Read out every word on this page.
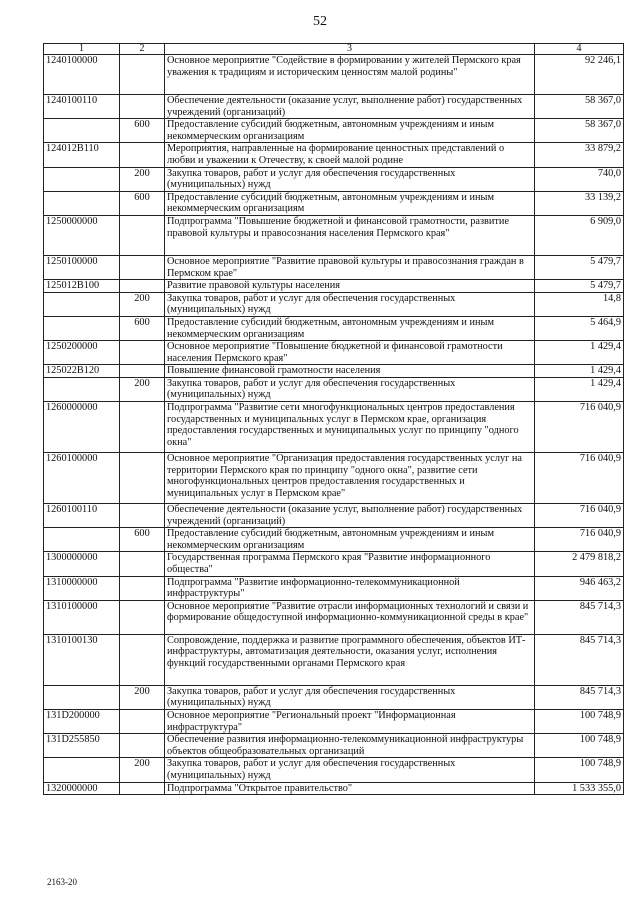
52
1	2	3	4
1240100000		Основное мероприятие "Содействие в формировании у жителей Пермского края уважения к традициям и историческим ценностям малой родины"	92 246,1
1240100110		Обеспечение деятельности (оказание услуг, выполнение работ) государственных учреждений (организаций)	58 367,0
	600	Предоставление субсидий бюджетным, автономным учреждениям и иным некоммерческим организациям	58 367,0
124012В110		Мероприятия, направленные на формирование ценностных представлений о любви и уважении к Отечеству, к своей малой родине	33 879,2
	200	Закупка товаров, работ и услуг для обеспечения государственных (муниципальных) нужд	740,0
	600	Предоставление субсидий бюджетным, автономным учреждениям и иным некоммерческим организациям	33 139,2
1250000000		Подпрограмма "Повышение бюджетной и финансовой грамотности, развитие правовой культуры и правосознания населения Пермского края"	6 909,0
1250100000		Основное мероприятие "Развитие правовой культуры и правосознания граждан в Пермском крае"	5 479,7
125012В100		Развитие правовой культуры населения	5 479,7
	200	Закупка товаров, работ и услуг для обеспечения государственных (муниципальных) нужд	14,8
	600	Предоставление субсидий бюджетным, автономным учреждениям и иным некоммерческим организациям	5 464,9
1250200000		Основное мероприятие "Повышение бюджетной и финансовой грамотности населения Пермского края"	1 429,4
125022В120		Повышение финансовой грамотности населения	1 429,4
	200	Закупка товаров, работ и услуг для обеспечения государственных (муниципальных) нужд	1 429,4
1260000000		Подпрограмма "Развитие сети многофункциональных центров предоставления государственных и муниципальных услуг в Пермском крае, организация предоставления государственных и муниципальных услуг по принципу "одного окна"	716 040,9
1260100000		Основное мероприятие "Организация предоставления государственных услуг на территории Пермского края по принципу "одного окна", развитие сети многофункциональных центров предоставления государственных и муниципальных услуг в Пермском крае"	716 040,9
1260100110		Обеспечение деятельности (оказание услуг, выполнение работ) государственных учреждений (организаций)	716 040,9
	600	Предоставление субсидий бюджетным, автономным учреждениям и иным некоммерческим организациям	716 040,9
1300000000		Государственная программа Пермского края "Развитие информационного общества"	2 479 818,2
1310000000		Подпрограмма "Развитие информационно-телекоммуникационной инфраструктуры"	946 463,2
1310100000		Основное мероприятие "Развитие отрасли информационных технологий и связи и формирование общедоступной информационно-коммуникационной среды в крае"	845 714,3
1310100130		Сопровождение, поддержка и развитие программного обеспечения, объектов ИТ-инфраструктуры, автоматизация деятельности, оказания услуг, исполнения функций государственными органами Пермского края	845 714,3
	200	Закупка товаров, работ и услуг для обеспечения государственных (муниципальных) нужд	845 714,3
131D200000		Основное мероприятие "Региональный проект "Информационная инфраструктура"	100 748,9
131D255850		Обеспечение развития информационно-телекоммуникационной инфраструктуры объектов общеобразовательных организаций	100 748,9
	200	Закупка товаров, работ и услуг для обеспечения государственных (муниципальных) нужд	100 748,9
1320000000		Подпрограмма "Открытое правительство"	1 533 355,0
2163-20
